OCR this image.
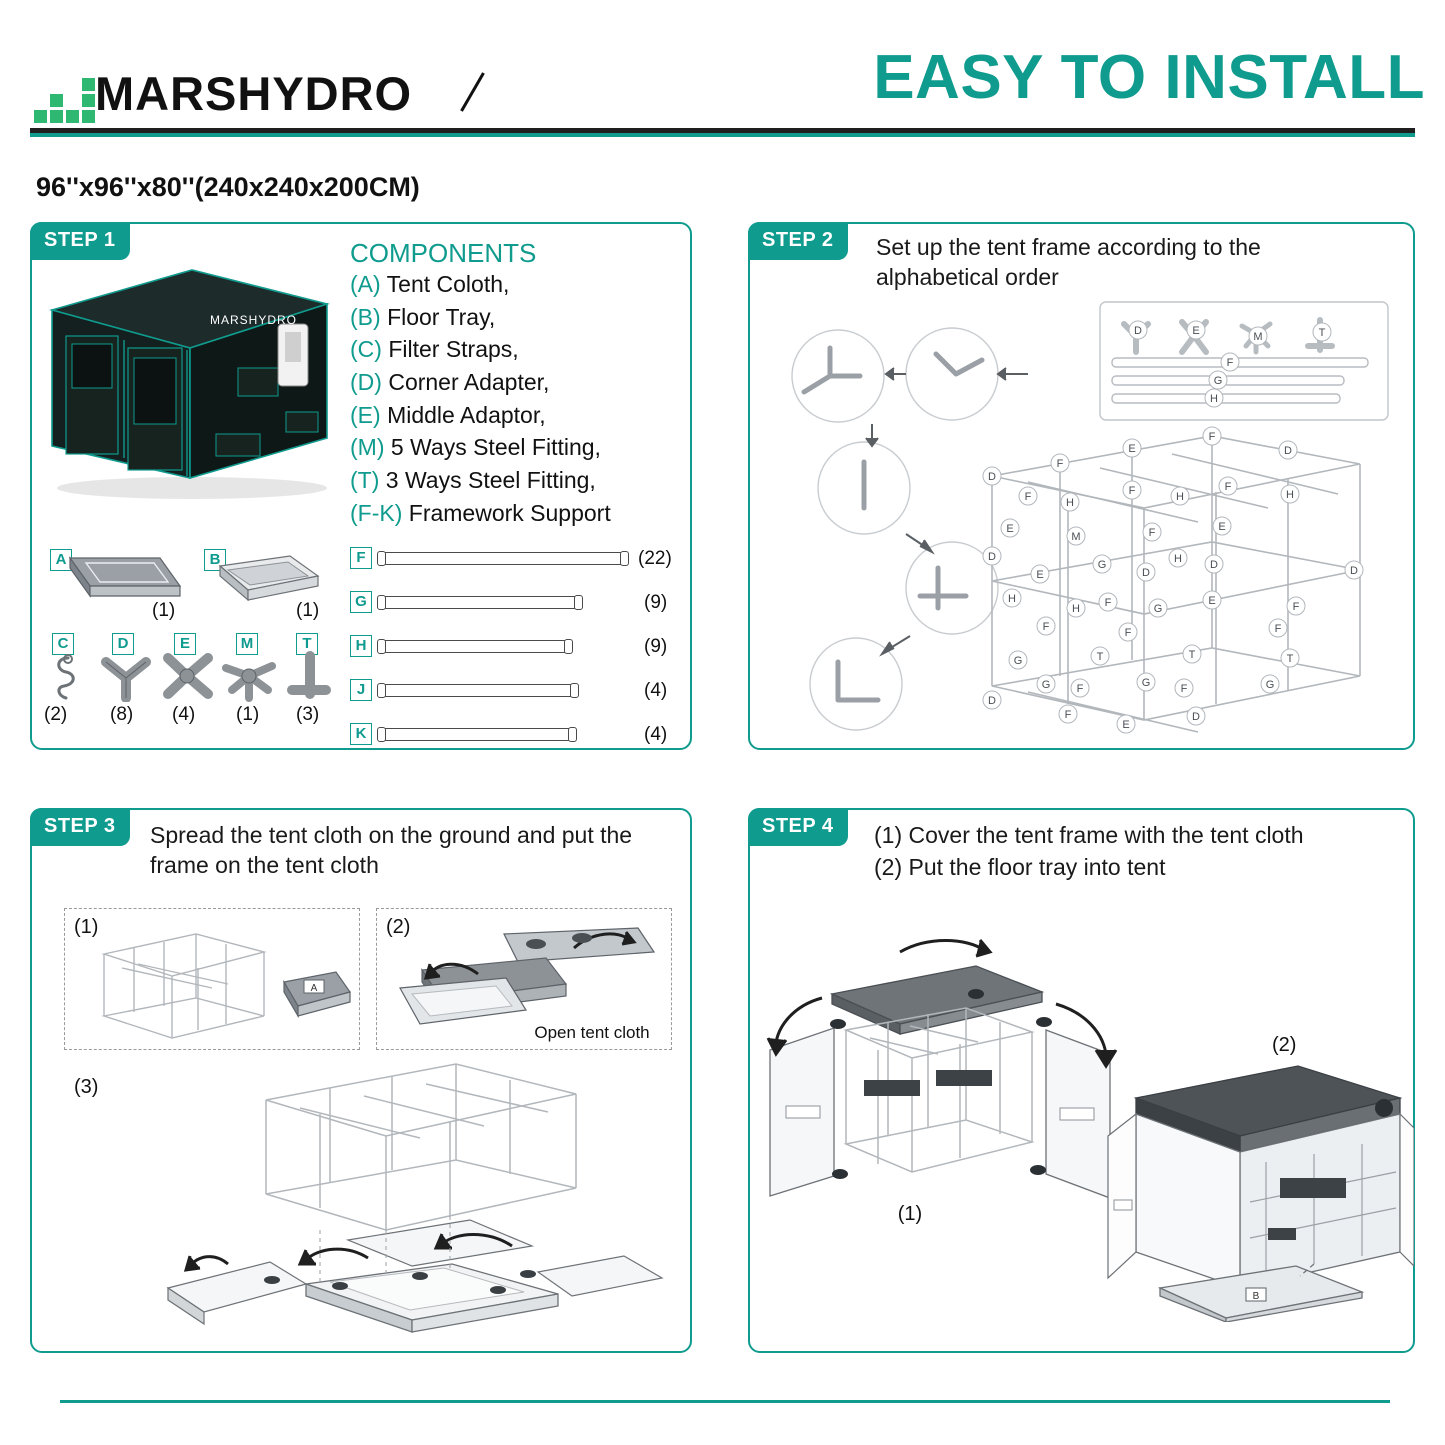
MARSHYDRO	EASY TO INSTALL
96''x96''x80''(240x240x200CM)
STEP 1
MARSHYDRO
COMPONENTS
(A) Tent Coloth,
(B) Floor Tray,
(C) Filter Straps,
(D) Corner Adapter,
(E) Middle Adaptor,
(M) 5 Ways Steel Fitting,
(T) 3 Ways Steel Fitting,
(F-K) Framework Support
A
(1)
B
(1)
C
(2)
D
(8)
E
(4)
M
(1)
T
(3)
F	(22)
G	(9)
H	(9)
J	(4)
K	(4)
STEP 2	Set up the tent frame according to the alphabetical order
D	E	M	T
F
G
H
D
F
E
F
D
F	H
F	H
F
H
E
M	F	E
D
E
G
D
H	D	D
H
H F	G
E	F
F	F	F
G	T	T	T
G F	G	F	G
D
F
E
D
STEP 3	Spread the tent cloth on the ground and put the frame on the tent cloth
(1)
A
(2)
Open tent cloth
(3)
STEP 4	(1) Cover the tent frame with the tent cloth
(2) Put the floor tray into tent
(1)
(2)
B
